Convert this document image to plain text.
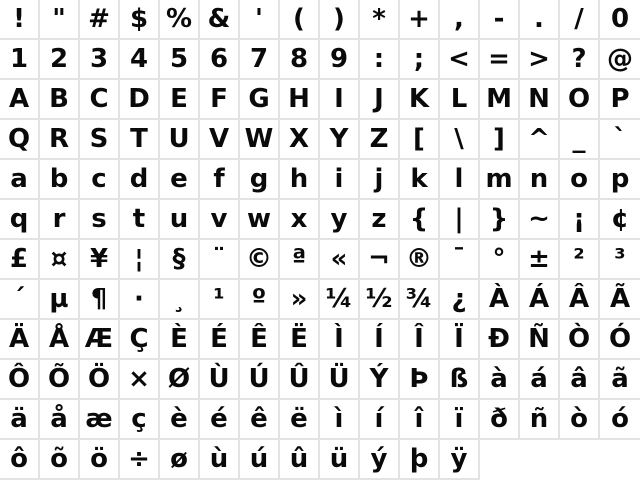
!	" # $ % & '	(	)	* + ,	-	.	/	0
1 2 3 4 5 6 7 8 9 :	; < = > ? @
A B C D E F G H I	J K L M N O P
Q R S T U V W X Y Z [	\	] ^ _	`
a b c d e f g h	i	j	k	l m n o p
q r s	t u v w x y z {	| } ~ ¡	¢
£ ¤ ¥	¦	§	¨ © ª « ¬ ® ¯	° ± ²	³
´ µ ¶	·	¸	¹	º » ¼ ½ ¾ ¿ À Á Â Ã
Ä Å Æ Ç È É Ê Ë	Ì	Í	Î	Ï Ð Ñ Ò Ó
Ô Õ Ö × Ø Ù Ú Û Ü Ý Þ ß à á â ã
ä å æ ç è é ê ë	ì	í	î	ï	ð ñ ò ó
ô õ ö ÷ ø ù ú û ü ý þ ÿ
